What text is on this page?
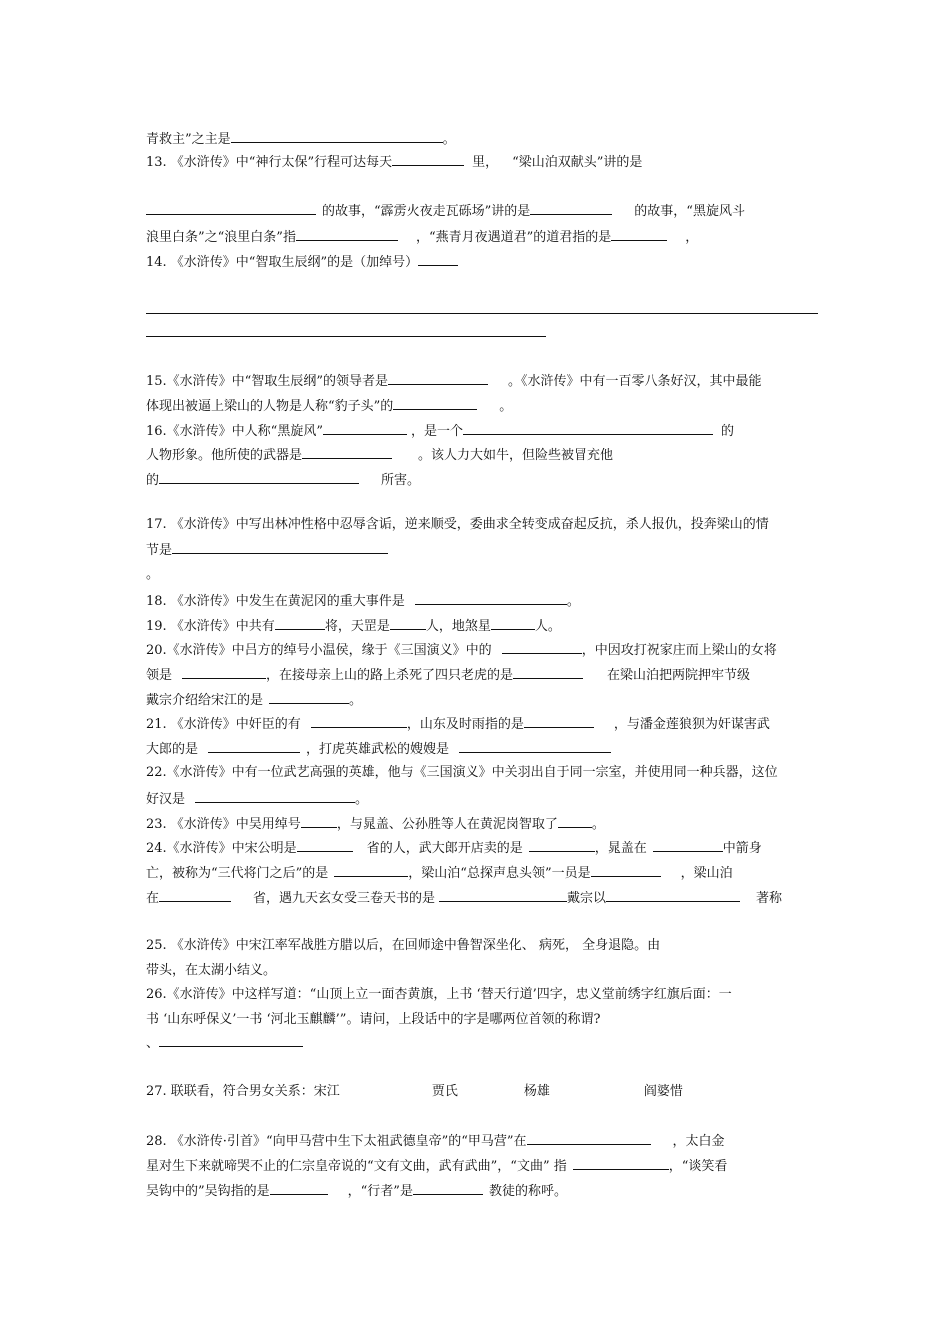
青救主”之主是	。
13. 《水浒传》中“神行太保”行程可达每天	里， “梁山泊双献头”讲的是
的故事，“霹雳火夜走瓦砾场”讲的是	的故事，“黑旋风斗
浪里白条”之“浪里白条”指	，“燕青月夜遇道君”的道君指的是	，
14. 《水浒传》中“智取生辰纲”的是（加绰号）
15.《水浒传》中“智取生辰纲”的领导者是	。《水浒传》中有一百零八条好汉，其中最能
体现出被逼上梁山的人物是人称“豹子头”的	。
16.《水浒传》中人称“黑旋风”	，是一个	的
人物形象。他所使的武器是	。该人力大如牛，但险些被冒充他
的	所害。
17. 《水浒传》中写出林冲性格中忍辱含诟，逆来顺受，委曲求全转变成奋起反抗，杀人报仇，投奔梁山的情
节是
。
18. 《水浒传》中发生在黄泥冈的重大事件是	。
19. 《水浒传》中共有	将，天罡是	人，地煞星	人。
20.《水浒传》中吕方的绰号小温侯，缘于《三国演义》中的	，中因攻打祝家庄而上梁山的女将
领是	，在接母亲上山的路上杀死了四只老虎的是	在梁山泊把两院押牢节级
戴宗介绍给宋江的是	。
21. 《水浒传》中奸臣的有	，山东及时雨指的是	，与潘金莲狼狈为奸谋害武
大郎的是	，打虎英雄武松的嫂嫂是
22.《水浒传》中有一位武艺高强的英雄，他与《三国演义》中关羽出自于同一宗室，并使用同一种兵器，这位
好汉是	。
23. 《水浒传》中吴用绰号	，与晁盖、公孙胜等人在黄泥岗智取了	。
24.《水浒传》中宋公明是	省的人，武大郎开店卖的是	，晁盖在	中箭身
亡，被称为“三代将门之后”的是	，梁山泊“总探声息头领”一员是	，梁山泊
在	省，遇九天玄女受三卷天书的是	戴宗以	著称
25. 《水浒传》中宋江率军战胜方腊以后，在回师途中鲁智深坐化、 病死， 全身退隐。由
带头，在太湖小结义。
26.《水浒传》中这样写道：“山顶上立一面杏黄旗，上书 ‘替天行道’四字，忠义堂前绣字红旗后面：一
书 ‘山东呼保义’一书 ‘河北玉麒麟’”。请问，上段话中的字是哪两位首领的称谓?
、
27. 联联看，符合男女关系：宋江	贾氏	杨雄	阎婆惜
28. 《水浒传·引首》“向甲马营中生下太祖武德皇帝”的“甲马营”在	，太白金
星对生下来就啼哭不止的仁宗皇帝说的“文有文曲，武有武曲”，“文曲” 指	，“谈笑看
吴钩中的”吴钩指的是	，“行者”是	教徒的称呼。
